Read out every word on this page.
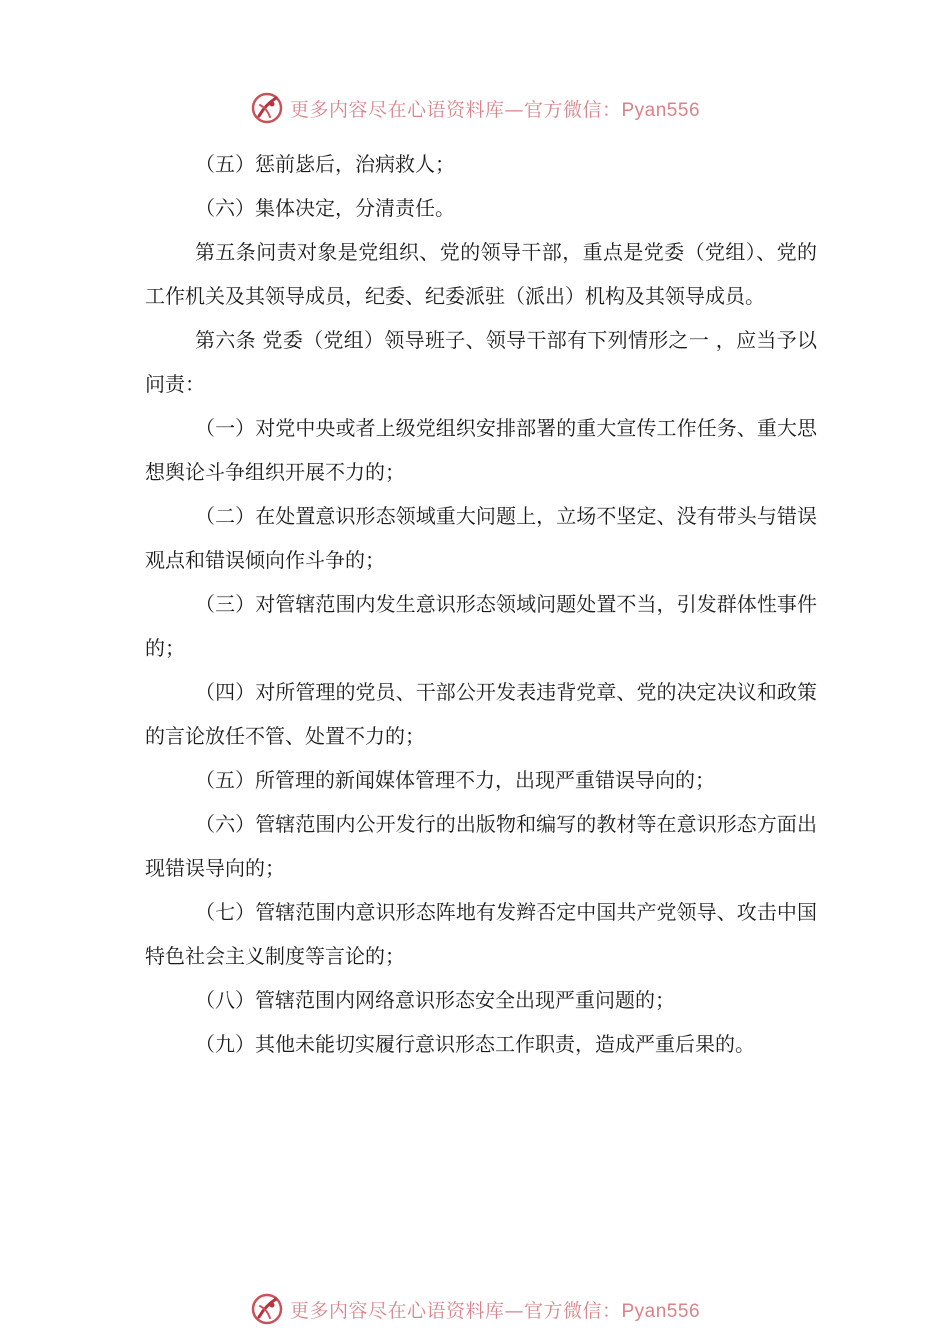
更多内容尽在心语资料库—官方微信：Pyan556

（五）惩前毖后，治病救人；

（六）集体决定，分清责任。

第五条问责对象是党组织、党的领导干部，重点是党委（党组）、党的工作机关及其领导成员，纪委、纪委派驻（派出）机构及其领导成员。

第六条 党委（党组）领导班子、领导干部有下列情形之一 ，应当予以问责：

（一）对党中央或者上级党组织安排部署的重大宣传工作任务、重大思想舆论斗争组织开展不力的；

（二）在处置意识形态领域重大问题上，立场不坚定、没有带头与错误观点和错误倾向作斗争的；

（三）对管辖范围内发生意识形态领域问题处置不当，引发群体性事件的；

（四）对所管理的党员、干部公开发表违背党章、党的决定决议和政策的言论放任不管、处置不力的；

（五）所管理的新闻媒体管理不力，出现严重错误导向的；

（六）管辖范围内公开发行的出版物和编写的教材等在意识形态方面出现错误导向的；

（七）管辖范围内意识形态阵地有发辫否定中国共产党领导、攻击中国特色社会主义制度等言论的；

（八）管辖范围内网络意识形态安全出现严重问题的；

（九）其他未能切实履行意识形态工作职责，造成严重后果的。

更多内容尽在心语资料库—官方微信：Pyan556
